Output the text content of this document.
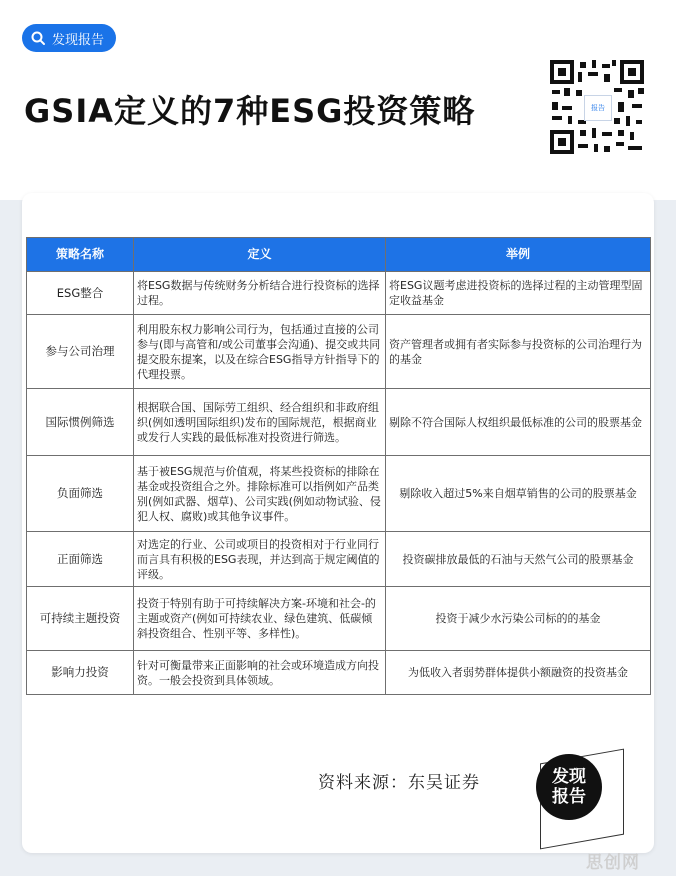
发现报告
GSIA定义的7种ESG投资策略	报告
策略名称	定义	举例
ESG整合	将ESG数据与传统财务分析结合进行投资标的选择过程。	将ESG议题考虑进投资标的选择过程的主动管理型固定收益基金
参与公司治理	利用股东权力影响公司行为，包括通过直接的公司参与(即与高管和/或公司董事会沟通)、提交或共同提交股东提案，以及在综合ESG指导方针指导下的代理投票。	资产管理者或拥有者实际参与投资标的公司治理行为的基金
国际惯例筛选	根据联合国、国际劳工组织、经合组织和非政府组织(例如透明国际组织)发布的国际规范，根据商业或发行人实践的最低标准对投资进行筛选。	剔除不符合国际人权组织最低标准的公司的股票基金
负面筛选	基于被ESG规范与价值观，将某些投资标的排除在基金或投资组合之外。排除标准可以指例如产品类别(例如武器、烟草)、公司实践(例如动物试验、侵犯人权、腐败)或其他争议事件。	剔除收入超过5%来自烟草销售的公司的股票基金
正面筛选	对选定的行业、公司或项目的投资相对于行业同行而言具有积极的ESG表现，并达到高于规定阈值的评级。	投资碳排放最低的石油与天然气公司的股票基金
可持续主题投资	投资于特别有助于可持续解决方案-环境和社会-的主题或资产(例如可持续农业、绿色建筑、低碳倾斜投资组合、性别平等、多样性)。	投资于减少水污染公司标的的基金
影响力投资	针对可衡量带来正面影响的社会或环境造成方向投资。一般会投资到具体领域。	为低收入者弱势群体提供小额融资的投资基金
资料来源：东吴证券	发现
报告
思创网
